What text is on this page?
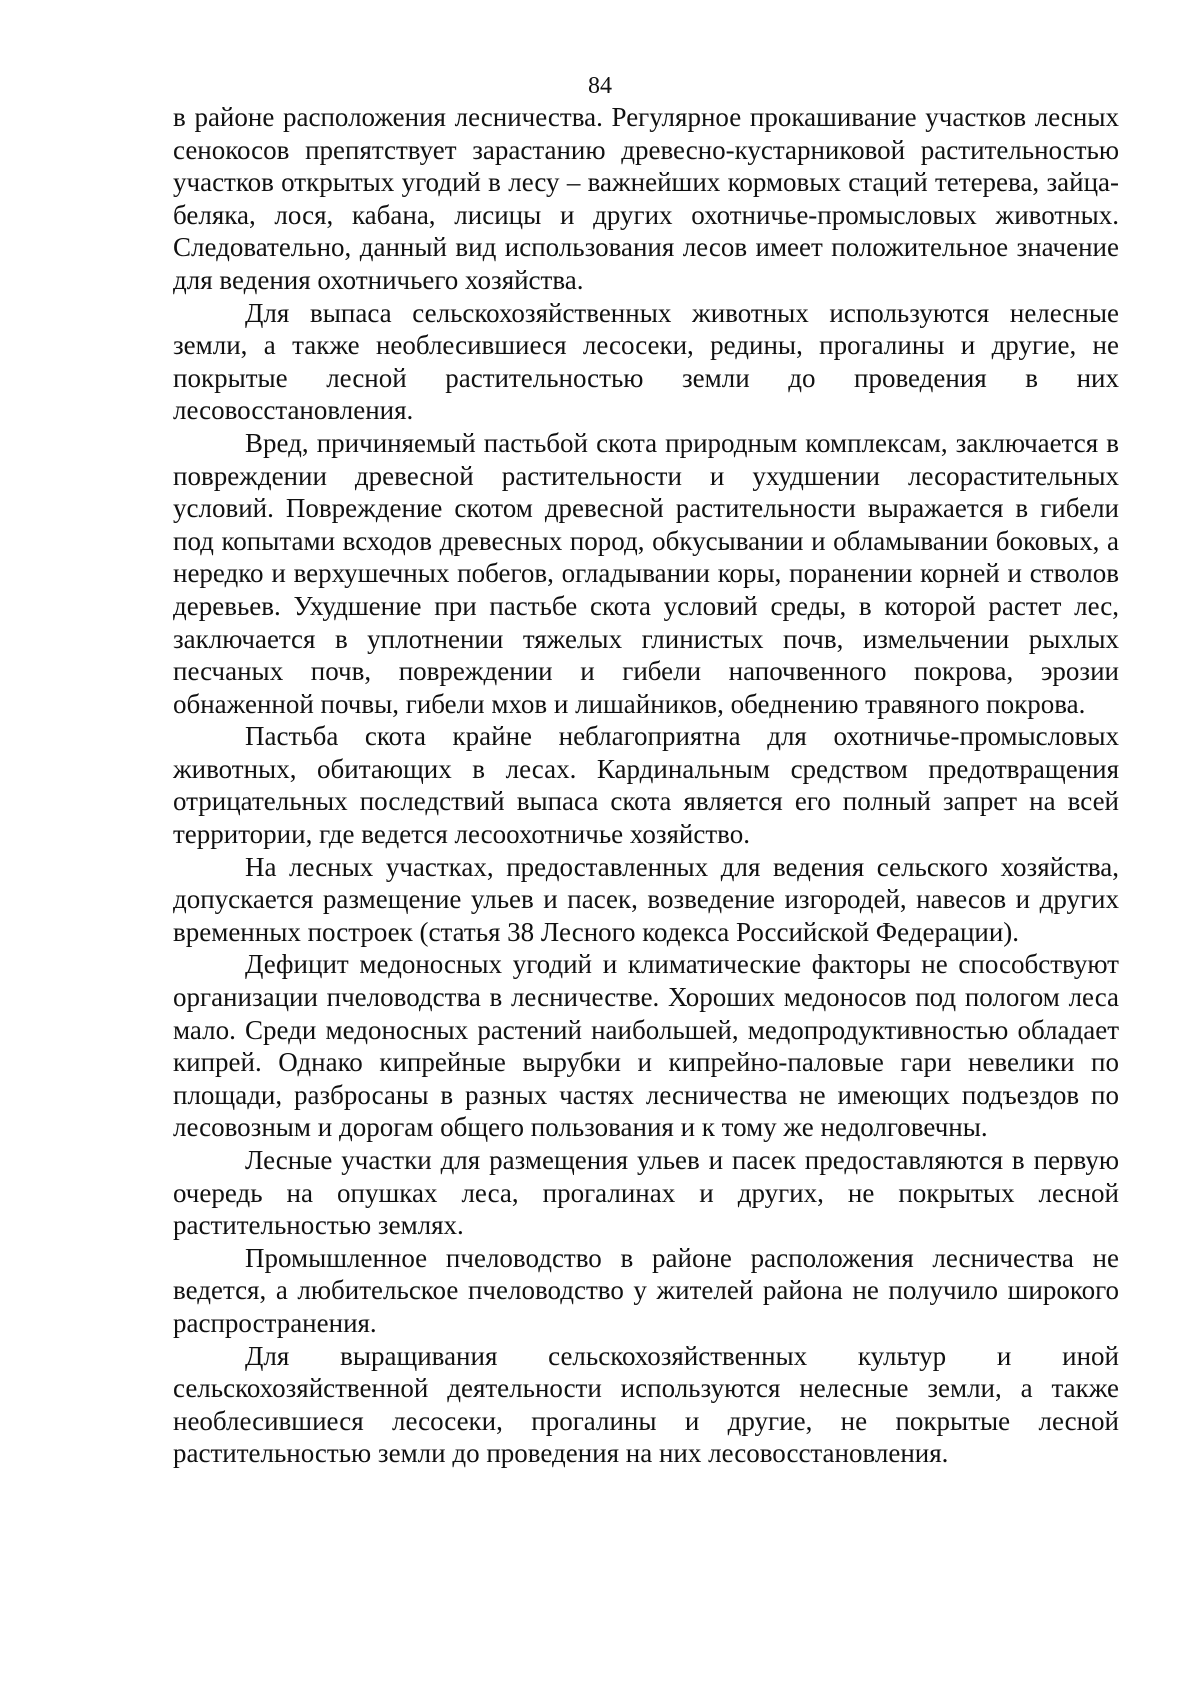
84

в районе расположения лесничества. Регулярное прокашивание участков лесных сенокосов препятствует зарастанию древесно-кустарниковой растительностью участков открытых угодий в лесу – важнейших кормовых стаций тетерева, зайца-беляка, лося, кабана, лисицы и других охотничье-промысловых животных. Следовательно, данный вид использования лесов имеет положительное значение для ведения охотничьего хозяйства.

Для выпаса сельскохозяйственных животных используются нелесные земли, а также необлесившиеся лесосеки, редины, прогалины и другие, не покрытые лесной растительностью земли до проведения в них лесовосстановления.

Вред, причиняемый пастьбой скота природным комплексам, заключается в повреждении древесной растительности и ухудшении лесорастительных условий. Повреждение скотом древесной растительности выражается в гибели под копытами всходов древесных пород, обкусывании и обламывании боковых, а нередко и верхушечных побегов, огладывании коры, поранении корней и стволов деревьев. Ухудшение при пастьбе скота условий среды, в которой растет лес, заключается в уплотнении тяжелых глинистых почв, измельчении рыхлых песчаных почв, повреждении и гибели напочвенного покрова, эрозии обнаженной почвы, гибели мхов и лишайников, обеднению травяного покрова.

Пастьба скота крайне неблагоприятна для охотничье-промысловых животных, обитающих в лесах. Кардинальным средством предотвращения отрицательных последствий выпаса скота является его полный запрет на всей территории, где ведется лесоохотничье хозяйство.

На лесных участках, предоставленных для ведения сельского хозяйства, допускается размещение ульев и пасек, возведение изгородей, навесов и других временных построек (статья 38 Лесного кодекса Российской Федерации).

Дефицит медоносных угодий и климатические факторы не способствуют организации пчеловодства в лесничестве. Хороших медоносов под пологом леса мало. Среди медоносных растений наибольшей, медопродуктивностью обладает кипрей. Однако кипрейные вырубки и кипрейно-паловые гари невелики по площади, разбросаны в разных частях лесничества не имеющих подъездов по лесовозным и дорогам общего пользования и к тому же недолговечны.

Лесные участки для размещения ульев и пасек предоставляются в первую очередь на опушках леса, прогалинах и других, не покрытых лесной растительностью землях.

Промышленное пчеловодство в районе расположения лесничества не ведется, а любительское пчеловодство у жителей района не получило широкого распространения.

Для выращивания сельскохозяйственных культур и иной сельскохозяйственной деятельности используются нелесные земли, а также необлесившиеся лесосеки, прогалины и другие, не покрытые лесной растительностью земли до проведения на них лесовосстановления.
